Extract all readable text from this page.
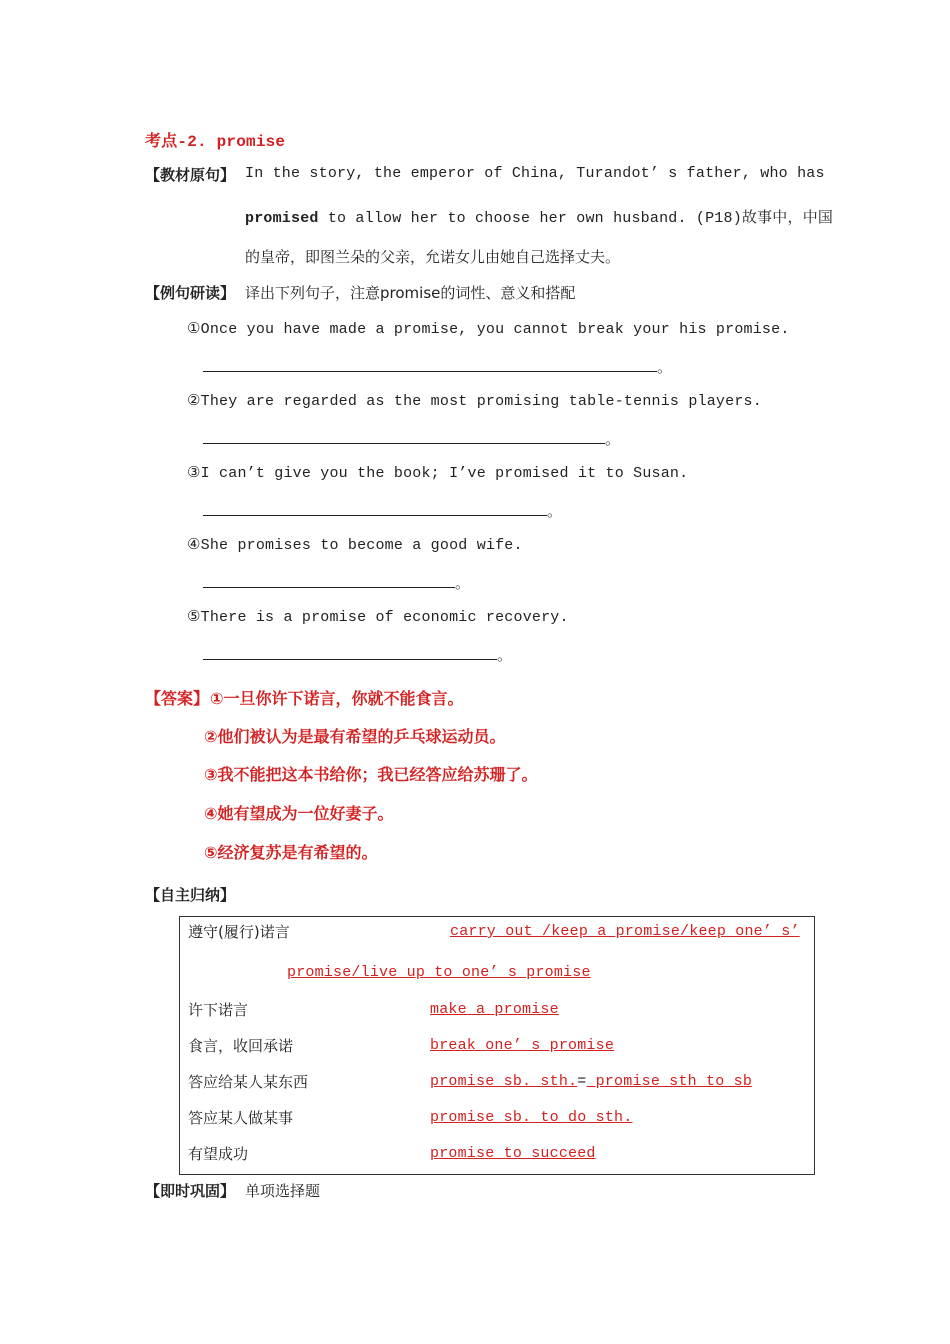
考点-2. promise
【教材原句】 In the story, the emperor of China, Turandot’ s father, who has
promised to allow her to choose her own husband. (P18)故事中，中国
的皇帝，即图兰朵的父亲，允诺女儿由她自己选择丈夫。
【例句研读】 译出下列句子，注意promise的词性、意义和搭配
①Once you have made a promise, you cannot break your his promise.
。
②They are regarded as the most promising table-tennis players.
。
③I can’t give you the book; I’ve promised it to Susan.
。
④She promises to become a good wife.
。
⑤There is a promise of economic recovery.
。
【答案】 ①一旦你许下诺言，你就不能食言。
②他们被认为是最有希望的乒乓球运动员。
③我不能把这本书给你；我已经答应给苏珊了。
④她有望成为一位好妻子。
⑤经济复苏是有希望的。
【自主归纳】
遵守(履行)诺言	carry out /keep a promise/keep one’ s’
promise/live up to one’ s promise
许下诺言	make a promise
食言，收回承诺	break one’ s promise
答应给某人某东西	promise sb. sth.= promise sth to sb
答应某人做某事	promise sb. to do sth.
有望成功	promise to succeed
【即时巩固】 单项选择题
